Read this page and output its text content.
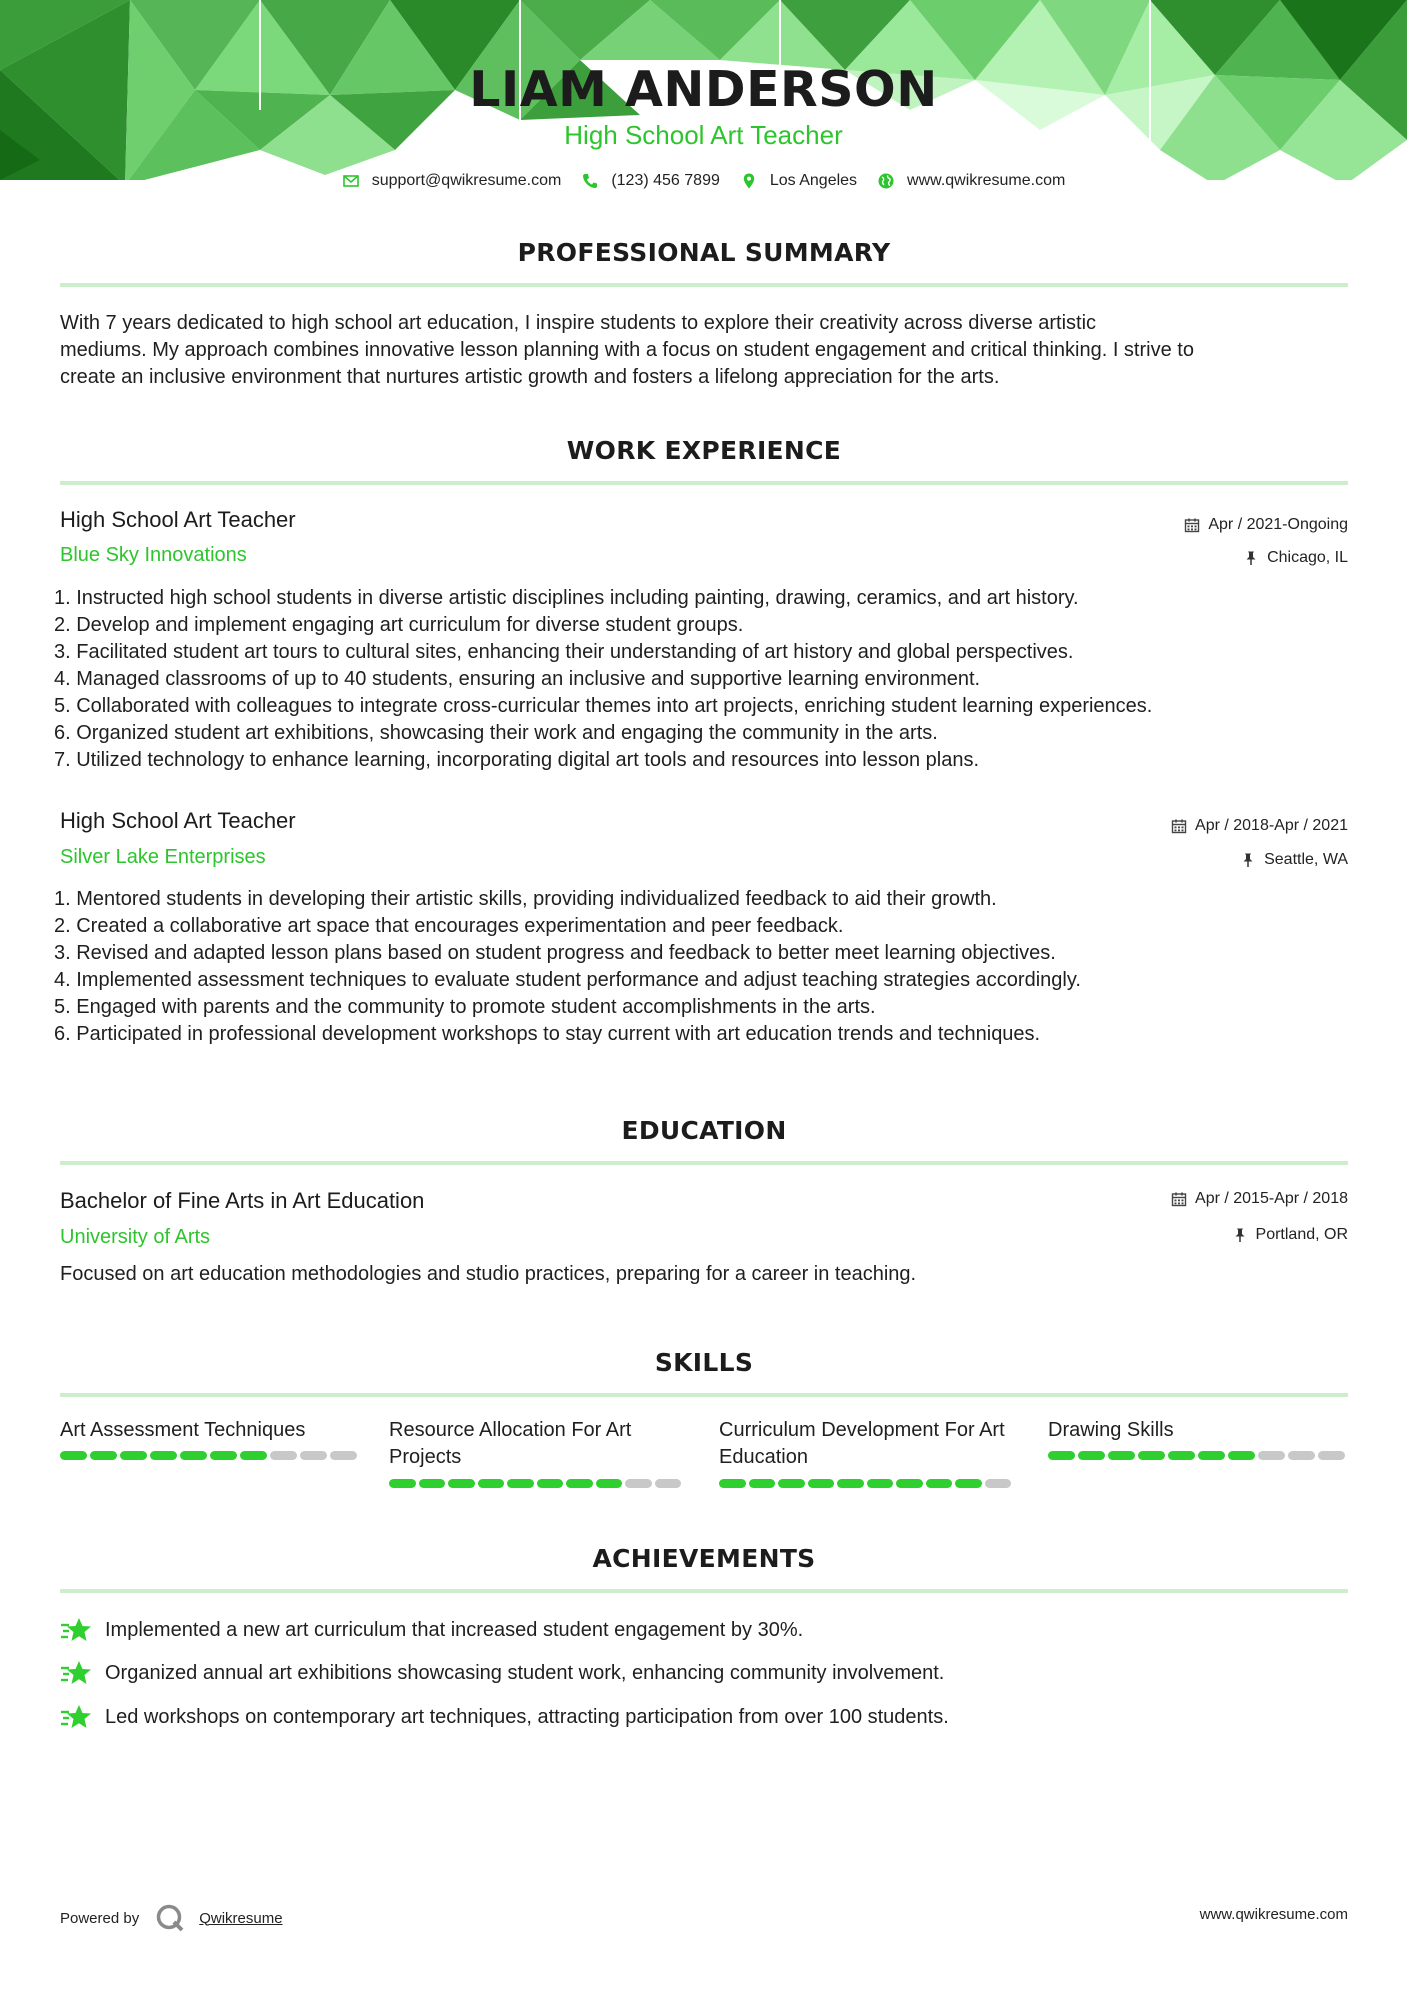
LIAM ANDERSON
High School Art Teacher
support@qwikresume.com	(123) 456 7899	Los Angeles	www.qwikresume.com
PROFESSIONAL SUMMARY
With 7 years dedicated to high school art education, I inspire students to explore their creativity across diverse artistic
mediums. My approach combines innovative lesson planning with a focus on student engagement and critical thinking. I strive to
create an inclusive environment that nurtures artistic growth and fosters a lifelong appreciation for the arts.
WORK EXPERIENCE
High School Art Teacher	Apr / 2021-Ongoing
Blue Sky Innovations	Chicago, IL
1. Instructed high school students in diverse artistic disciplines including painting, drawing, ceramics, and art history.
2. Develop and implement engaging art curriculum for diverse student groups.
3. Facilitated student art tours to cultural sites, enhancing their understanding of art history and global perspectives.
4. Managed classrooms of up to 40 students, ensuring an inclusive and supportive learning environment.
5. Collaborated with colleagues to integrate cross-curricular themes into art projects, enriching student learning experiences.
6. Organized student art exhibitions, showcasing their work and engaging the community in the arts.
7. Utilized technology to enhance learning, incorporating digital art tools and resources into lesson plans.
High School Art Teacher	Apr / 2018-Apr / 2021
Silver Lake Enterprises	Seattle, WA
1. Mentored students in developing their artistic skills, providing individualized feedback to aid their growth.
2. Created a collaborative art space that encourages experimentation and peer feedback.
3. Revised and adapted lesson plans based on student progress and feedback to better meet learning objectives.
4. Implemented assessment techniques to evaluate student performance and adjust teaching strategies accordingly.
5. Engaged with parents and the community to promote student accomplishments in the arts.
6. Participated in professional development workshops to stay current with art education trends and techniques.
EDUCATION
Bachelor of Fine Arts in Art Education	Apr / 2015-Apr / 2018
University of Arts	Portland, OR
Focused on art education methodologies and studio practices, preparing for a career in teaching.
SKILLS
Art Assessment Techniques	Resource Allocation For Art Projects
Curriculum Development For Art Education
Drawing Skills
ACHIEVEMENTS
Implemented a new art curriculum that increased student engagement by 30%.
Organized annual art exhibitions showcasing student work, enhancing community involvement.
Led workshops on contemporary art techniques, attracting participation from over 100 students.
Powered by	Qwikresume	www.qwikresume.com
